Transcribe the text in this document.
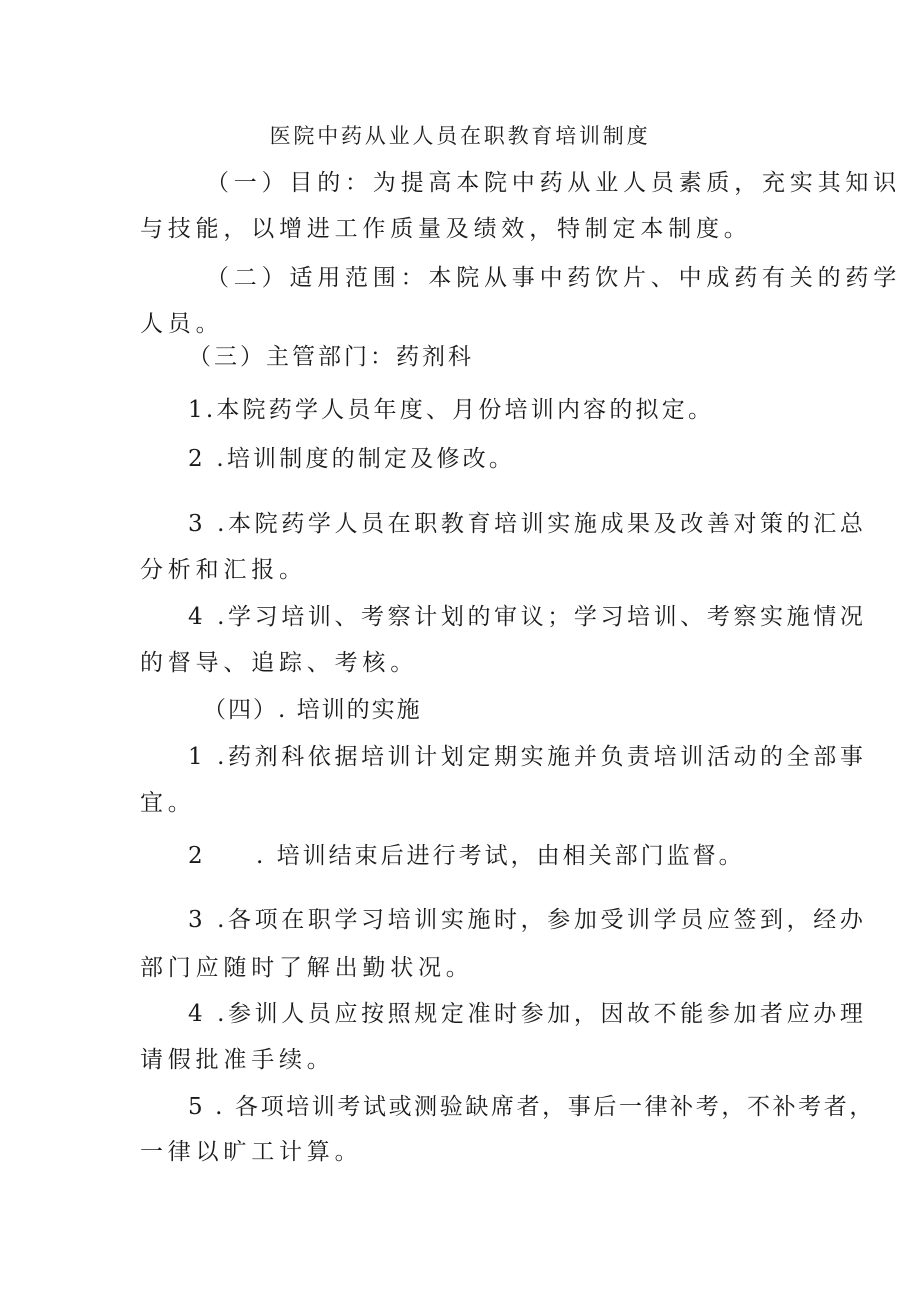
医院中药从业人员在职教育培训制度
（一）目的：为提高本院中药从业人员素质，充实其知识
与技能，以增进工作质量及绩效，特制定本制度。
（二）适用范围：本院从事中药饮片、中成药有关的药学
人员。
（三）主管部门：药剂科
1.本院药学人员年度、月份培训内容的拟定。
2 .培训制度的制定及修改。
3 .本院药学人员在职教育培训实施成果及改善对策的汇总
分析和汇报。
4 .学习培训、考察计划的审议；学习培训、考察实施情况
的督导、追踪、考核。
（四）. 培训的实施
1 .药剂科依据培训计划定期实施并负责培训活动的全部事
宜。
2 . 培训结束后进行考试，由相关部门监督。
3 .各项在职学习培训实施时，参加受训学员应签到，经办
部门应随时了解出勤状况。
4 .参训人员应按照规定准时参加，因故不能参加者应办理
请假批准手续。
5 . 各项培训考试或测验缺席者，事后一律补考，不补考者，
一律以旷工计算。
